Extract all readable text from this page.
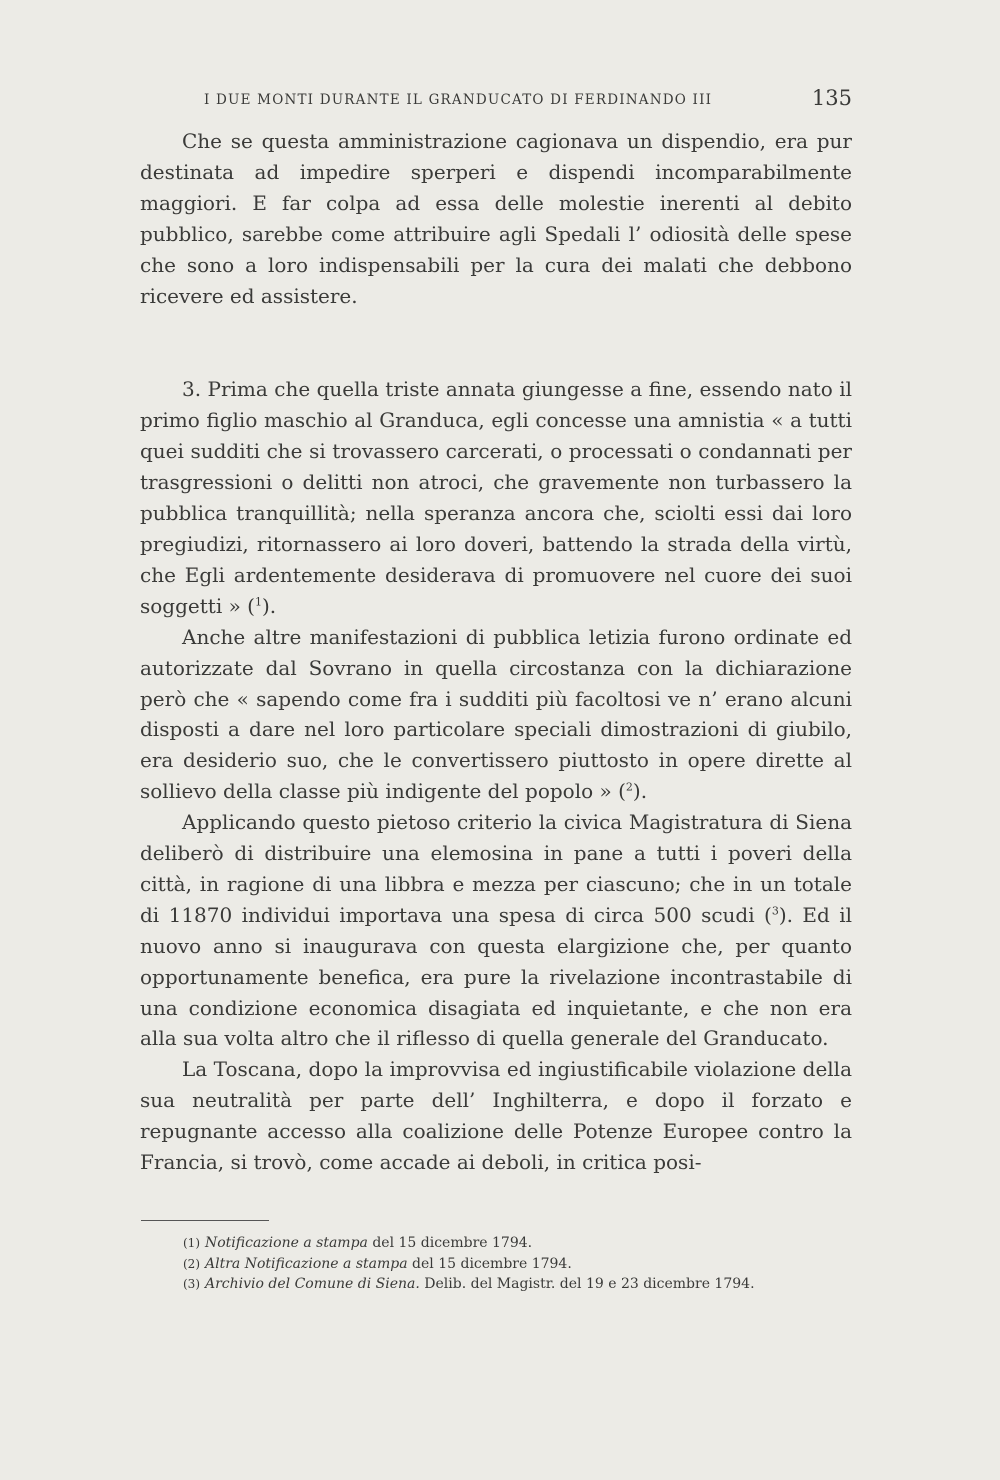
I DUE MONTI DURANTE IL GRANDUCATO DI FERDINANDO III	135

Che se questa amministrazione cagionava un dispendio, era pur destinata ad impedire sperperi e dispendi incomparabilmente maggiori. E far colpa ad essa delle molestie inerenti al debito pubblico, sarebbe come attribuire agli Spedali l’ odiosità delle spese che sono a loro indispensabili per la cura dei malati che debbono ricevere ed assistere.

3. Prima che quella triste annata giungesse a fine, essendo nato il primo figlio maschio al Granduca, egli concesse una amnistia « a tutti quei sudditi che si trovassero carcerati, o processati o condannati per trasgressioni o delitti non atroci, che gravemente non turbassero la pubblica tranquillità; nella speranza ancora che, sciolti essi dai loro pregiudizi, ritornassero ai loro doveri, battendo la strada della virtù, che Egli ardentemente desiderava di promuovere nel cuore dei suoi soggetti » ($^1$).

Anche altre manifestazioni di pubblica letizia furono ordinate ed autorizzate dal Sovrano in quella circostanza con la dichiarazione però che « sapendo come fra i sudditi più facoltosi ve n’ erano alcuni disposti a dare nel loro particolare speciali dimostrazioni di giubilo, era desiderio suo, che le convertissero piuttosto in opere dirette al sollievo della classe più indigente del popolo » ($^2$).

Applicando questo pietoso criterio la civica Magistratura di Siena deliberò di distribuire una elemosina in pane a tutti i poveri della città, in ragione di una libbra e mezza per ciascuno; che in un totale di 11870 individui importava una spesa di circa 500 scudi ($^3$). Ed il nuovo anno si inaugurava con questa elargizione che, per quanto opportunamente benefica, era pure la rivelazione incontrastabile di una condizione economica disagiata ed inquietante, e che non era alla sua volta altro che il riflesso di quella generale del Granducato.

La Toscana, dopo la improvvisa ed ingiustificabile violazione della sua neutralità per parte dell’ Inghilterra, e dopo il forzato e repugnante accesso alla coalizione delle Potenze Europee contro la Francia, si trovò, come accade ai deboli, in critica posi-

(1) Notificazione a stampa del 15 dicembre 1794.
(2) Altra Notificazione a stampa del 15 dicembre 1794.
(3) Archivio del Comune di Siena. Delib. del Magistr. del 19 e 23 dicembre 1794.
